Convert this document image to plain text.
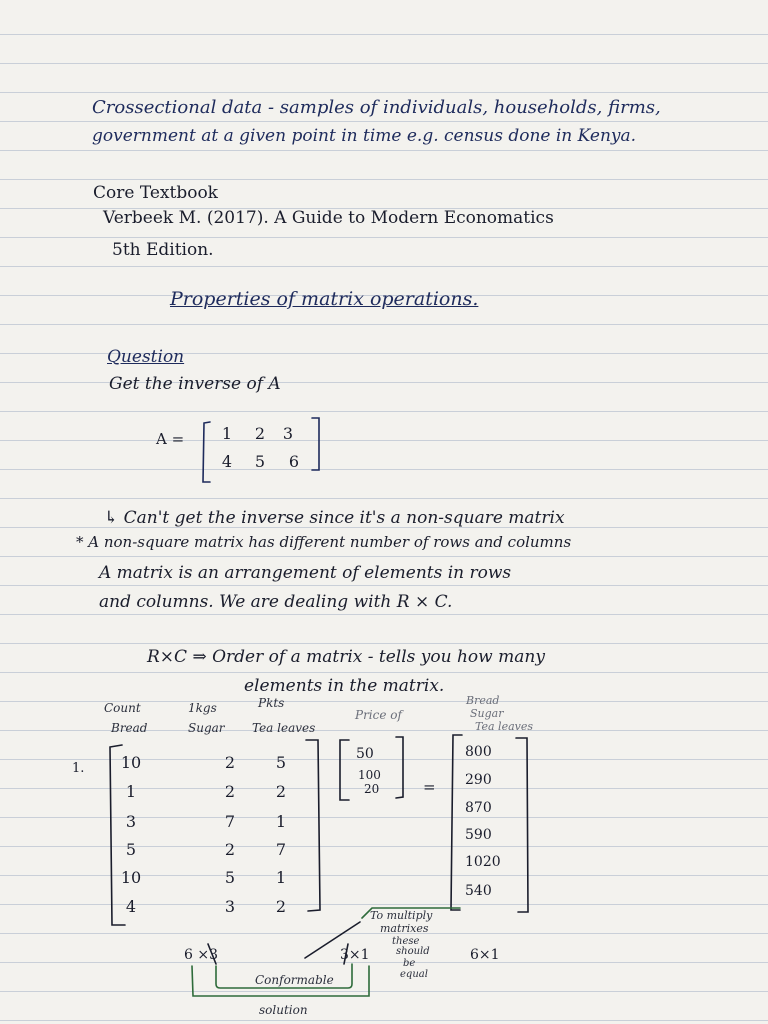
Crossectional data - samples of individuals, households, firms,
government at a given point in time e.g. census done in Kenya.
Core Textbook
Verbeek M. (2017). A Guide to Modern Economatics
5th Edition.
Properties of matrix operations.
Question
Get the inverse of A
A =	1	2	3
4	5	6
↳ Can't get the inverse since it's a non-square matrix
* A non-square matrix has different number of rows and columns
A matrix is an arrangement of elements in rows
and columns. We are dealing with R × C.
R×C ⇒ Order of a matrix - tells you how many
elements in the matrix.
Count
Bread
1kgs
Sugar
Pkts
Tea leaves
Price of
Bread
Sugar
Tea leaves
1.	10	2	5
1	2	2
3	7	1
5	2	7
10	5	1
4	3	2
50
100
20	=
800
290
870
590
1020
540
6 ×3	3×1	6×1
To multiply
matrixes
these
should
be
equal
Conformable
solution
